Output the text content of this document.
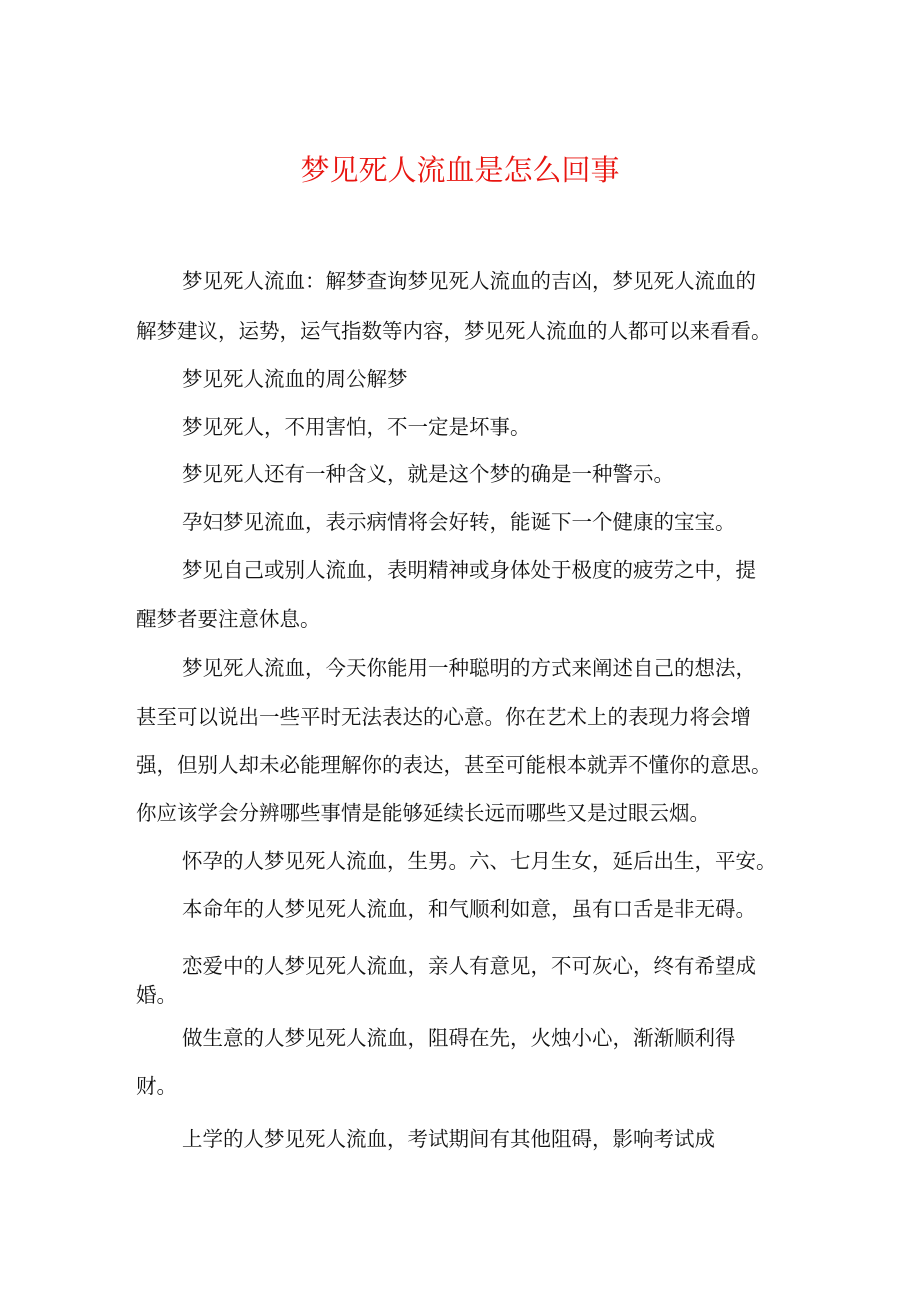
梦见死人流血是怎么回事
梦见死人流血：解梦查询梦见死人流血的吉凶，梦见死人流血的
解梦建议，运势，运气指数等内容，梦见死人流血的人都可以来看看。
梦见死人流血的周公解梦
梦见死人，不用害怕，不一定是坏事。
梦见死人还有一种含义，就是这个梦的确是一种警示。
孕妇梦见流血，表示病情将会好转，能诞下一个健康的宝宝。
梦见自己或别人流血，表明精神或身体处于极度的疲劳之中，提
醒梦者要注意休息。
梦见死人流血，今天你能用一种聪明的方式来阐述自己的想法，
甚至可以说出一些平时无法表达的心意。你在艺术上的表现力将会增
强，但别人却未必能理解你的表达，甚至可能根本就弄不懂你的意思。
你应该学会分辨哪些事情是能够延续长远而哪些又是过眼云烟。
怀孕的人梦见死人流血，生男。六、七月生女，延后出生，平安。
本命年的人梦见死人流血，和气顺利如意，虽有口舌是非无碍。
恋爱中的人梦见死人流血，亲人有意见，不可灰心，终有希望成
婚。
做生意的人梦见死人流血，阻碍在先，火烛小心，渐渐顺利得
财。
上学的人梦见死人流血，考试期间有其他阻碍，影响考试成
